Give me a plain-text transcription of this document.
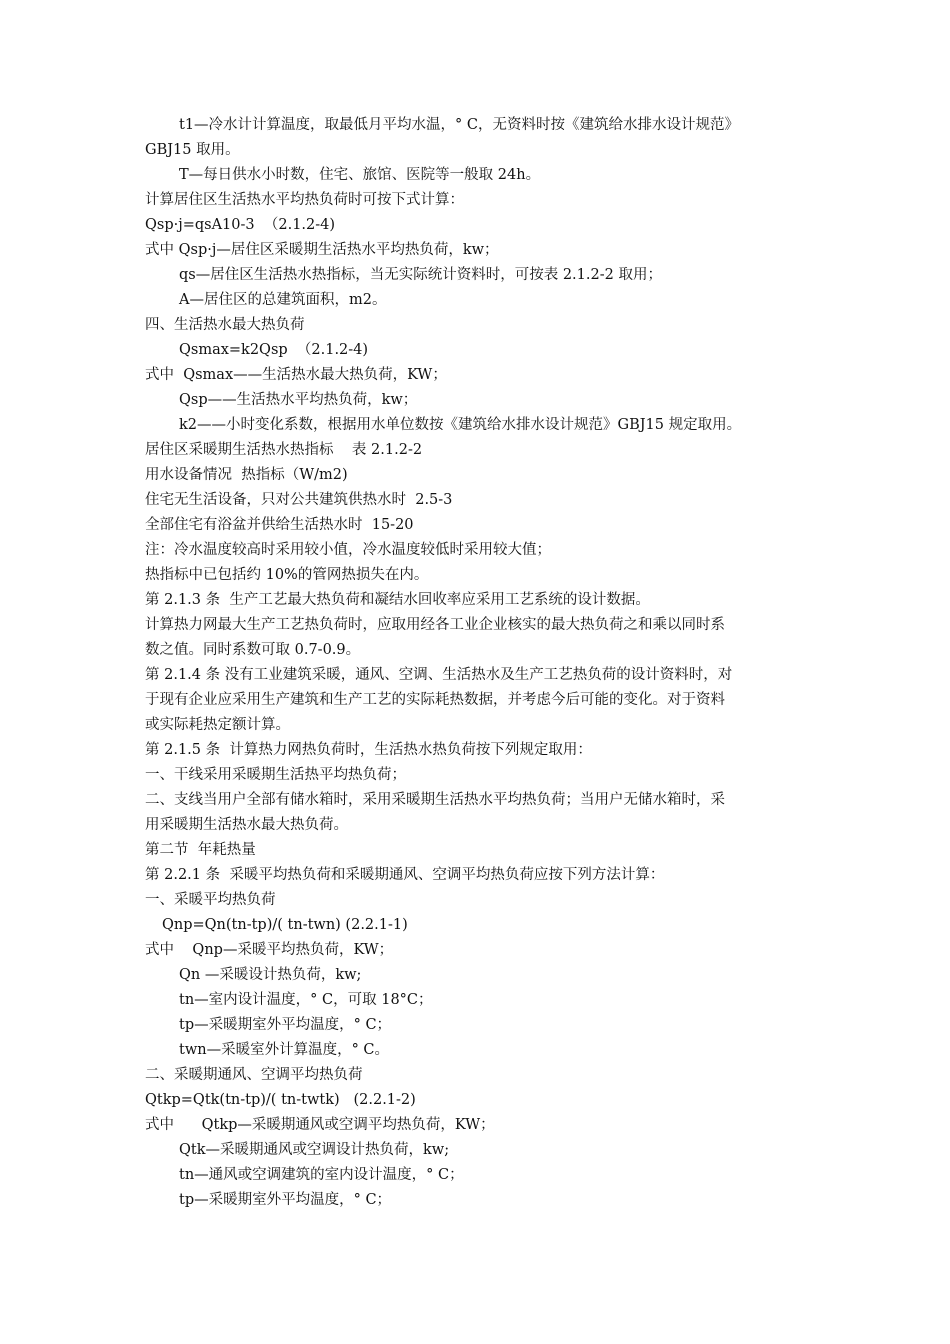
t1—冷水计计算温度，取最低月平均水温，° C，无资料时按《建筑给水排水设计规范》
GBJ15 取用。
T—每日供水小时数，住宅、旅馆、医院等一般取 24h。
计算居住区生活热水平均热负荷时可按下式计算：
Qsp·j=qsA10-3  （2.1.2-4)
式中 Qsp·j—居住区采暖期生活热水平均热负荷，kw；
qs—居住区生活热水热指标，当无实际统计资料时，可按表 2.1.2-2 取用；
A—居住区的总建筑面积，m2。
四、生活热水最大热负荷
Qsmax=k2Qsp  （2.1.2-4)
式中  Qsmax——生活热水最大热负荷，KW；
Qsp——生活热水平均热负荷，kw；
k2——小时变化系数，根据用水单位数按《建筑给水排水设计规范》GBJ15 规定取用。
居住区采暖期生活热水热指标    表 2.1.2-2
用水设备情况  热指标（W/m2)
住宅无生活设备，只对公共建筑供热水时  2.5-3
全部住宅有浴盆并供给生活热水时  15-20
注：冷水温度较高时采用较小值，冷水温度较低时采用较大值；
热指标中已包括约 10%的管网热损失在内。
第 2.1.3 条  生产工艺最大热负荷和凝结水回收率应采用工艺系统的设计数据。
计算热力网最大生产工艺热负荷时，应取用经各工业企业核实的最大热负荷之和乘以同时系
数之值。同时系数可取 0.7-0.9。
第 2.1.4 条 没有工业建筑采暖，通风、空调、生活热水及生产工艺热负荷的设计资料时，对
于现有企业应采用生产建筑和生产工艺的实际耗热数据，并考虑今后可能的变化。对于资料
或实际耗热定额计算。
第 2.1.5 条  计算热力网热负荷时，生活热水热负荷按下列规定取用：
一、干线采用采暖期生活热平均热负荷；
二、支线当用户全部有储水箱时，采用采暖期生活热水平均热负荷；当用户无储水箱时，采
用采暖期生活热水最大热负荷。
第二节  年耗热量
第 2.2.1 条  采暖平均热负荷和采暖期通风、空调平均热负荷应按下列方法计算：
一、采暖平均热负荷
Qnp=Qn(tn-tp)/( tn-twn) (2.2.1-1)
式中    Qnp—采暖平均热负荷，KW；
Qn —采暖设计热负荷，kw;
tn—室内设计温度，° C，可取 18°C；
tp—采暖期室外平均温度，° C；
twn—采暖室外计算温度，° C。
二、采暖期通风、空调平均热负荷
Qtkp=Qtk(tn-tp)/( tn-twtk)   (2.2.1-2)
式中      Qtkp—采暖期通风或空调平均热负荷，KW；
Qtk—采暖期通风或空调设计热负荷，kw;
tn—通风或空调建筑的室内设计温度，° C；
tp—采暖期室外平均温度，° C；
